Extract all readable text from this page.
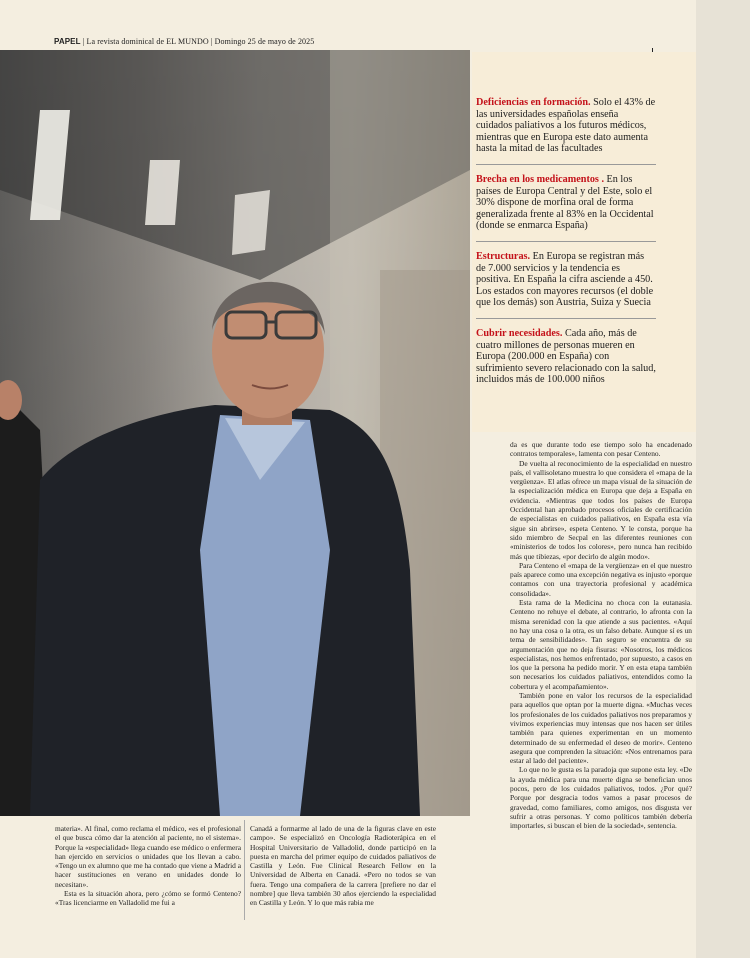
PAPEL | La revista dominical de EL MUNDO | Domingo 25 de mayo de 2025
Deficiencias en formación. Solo el 43% de las universidades españolas enseña cuidados paliativos a los futuros médicos, mientras que en Europa este dato aumenta hasta la mitad de las facultades
Brecha en los medicamentos . En los países de Europa Central y del Este, solo el 30% dispone de morfina oral de forma generalizada frente al 83% en la Occidental (donde se enmarca España)
Estructuras. En Europa se registran más de 7.000 servicios y la tendencia es positiva. En España la cifra asciende a 450. Los estados con mayores recursos (el doble que los demás) son Austria, Suiza y Suecia
Cubrir necesidades. Cada año, más de cuatro millones de personas mueren en Europa (200.000 en España) con sufrimiento severo relacionado con la salud, incluidos más de 100.000 niños

da es que durante todo ese tiempo solo ha encadenado contratos temporales», lamenta con pesar Centeno.

De vuelta al reconocimiento de la especialidad en nuestro país, el vallisoletano muestra lo que considera el «mapa de la vergüenza». El atlas ofrece un mapa visual de la situación de la especialización médica en Europa que deja a España en evidencia. «Mientras que todos los países de Europa Occidental han aprobado procesos oficiales de certificación de especialistas en cuidados paliativos, en España esta vía sigue sin abrirse», espeta Centeno. Y le consta, porque ha sido miembro de Secpal en las diferentes reuniones con «ministerios de todos los colores», pero nunca han recibido más que tibiezas, «por decirlo de algún modo».

Para Centeno el «mapa de la vergüenza» en el que nuestro país aparece como una excepción negativa es injusto «porque contamos con una trayectoria profesional y académica consolidada».

Esta rama de la Medicina no choca con la eutanasia. Centeno no rehuye el debate, al contrario, lo afronta con la misma serenidad con la que atiende a sus pacientes. «Aquí no hay una cosa o la otra, es un falso debate. Aunque sí es un tema de sensibilidades». Tan seguro se encuentra de su argumentación que no deja fisuras: «Nosotros, los médicos especialistas, nos hemos enfrentado, por supuesto, a casos en los que la persona ha pedido morir. Y en esta etapa también son necesarios los cuidados paliativos, entendidos como la cobertura y el acompañamiento».

También pone en valor los recursos de la especialidad para aquellos que optan por la muerte digna. «Muchas veces los profesionales de los cuidados paliativos nos preparamos y vivimos experiencias muy intensas que nos hacen ser útiles también para quienes experimentan en un momento determinado de su enfermedad el deseo de morir». Centeno asegura que comprenden la situación: «Nos entrenamos para estar al lado del paciente».

Lo que no le gusta es la paradoja que supone esta ley. «De la ayuda médica para una muerte digna se benefician unos pocos, pero de los cuidados paliativos, todos. ¿Por qué? Porque por desgracia todos vamos a pasar procesos de gravedad, como familiares, como amigos, nos disgusta ver sufrir a otras personas. Y como políticos también debería importarles, si buscan el bien de la sociedad», sentencia.

materia». Al final, como reclama el médico, «es el profesional el que busca cómo dar la atención al paciente, no el sistema». Porque la «especialidad» llega cuando ese médico o enfermera han ejercido en servicios o unidades que los llevan a cabo. «Tengo un ex alumno que me ha contado que viene a Madrid a hacer sustituciones en verano en unidades donde lo necesitan».

Esta es la situación ahora, pero ¿cómo se formó Centeno? «Tras licenciarme en Valladolid me fui a

Canadá a formarme al lado de una de la figuras clave en este campo». Se especializó en Oncología Radioterápica en el Hospital Universitario de Valladolid, donde participó en la puesta en marcha del primer equipo de cuidados paliativos de Castilla y León. Fue Clinical Research Fellow en la Universidad de Alberta en Canadá. «Pero no todos se van fuera. Tengo una compañera de la carrera [prefiere no dar el nombre] que lleva también 30 años ejerciendo la especialidad en Castilla y León. Y lo que más rabia me
